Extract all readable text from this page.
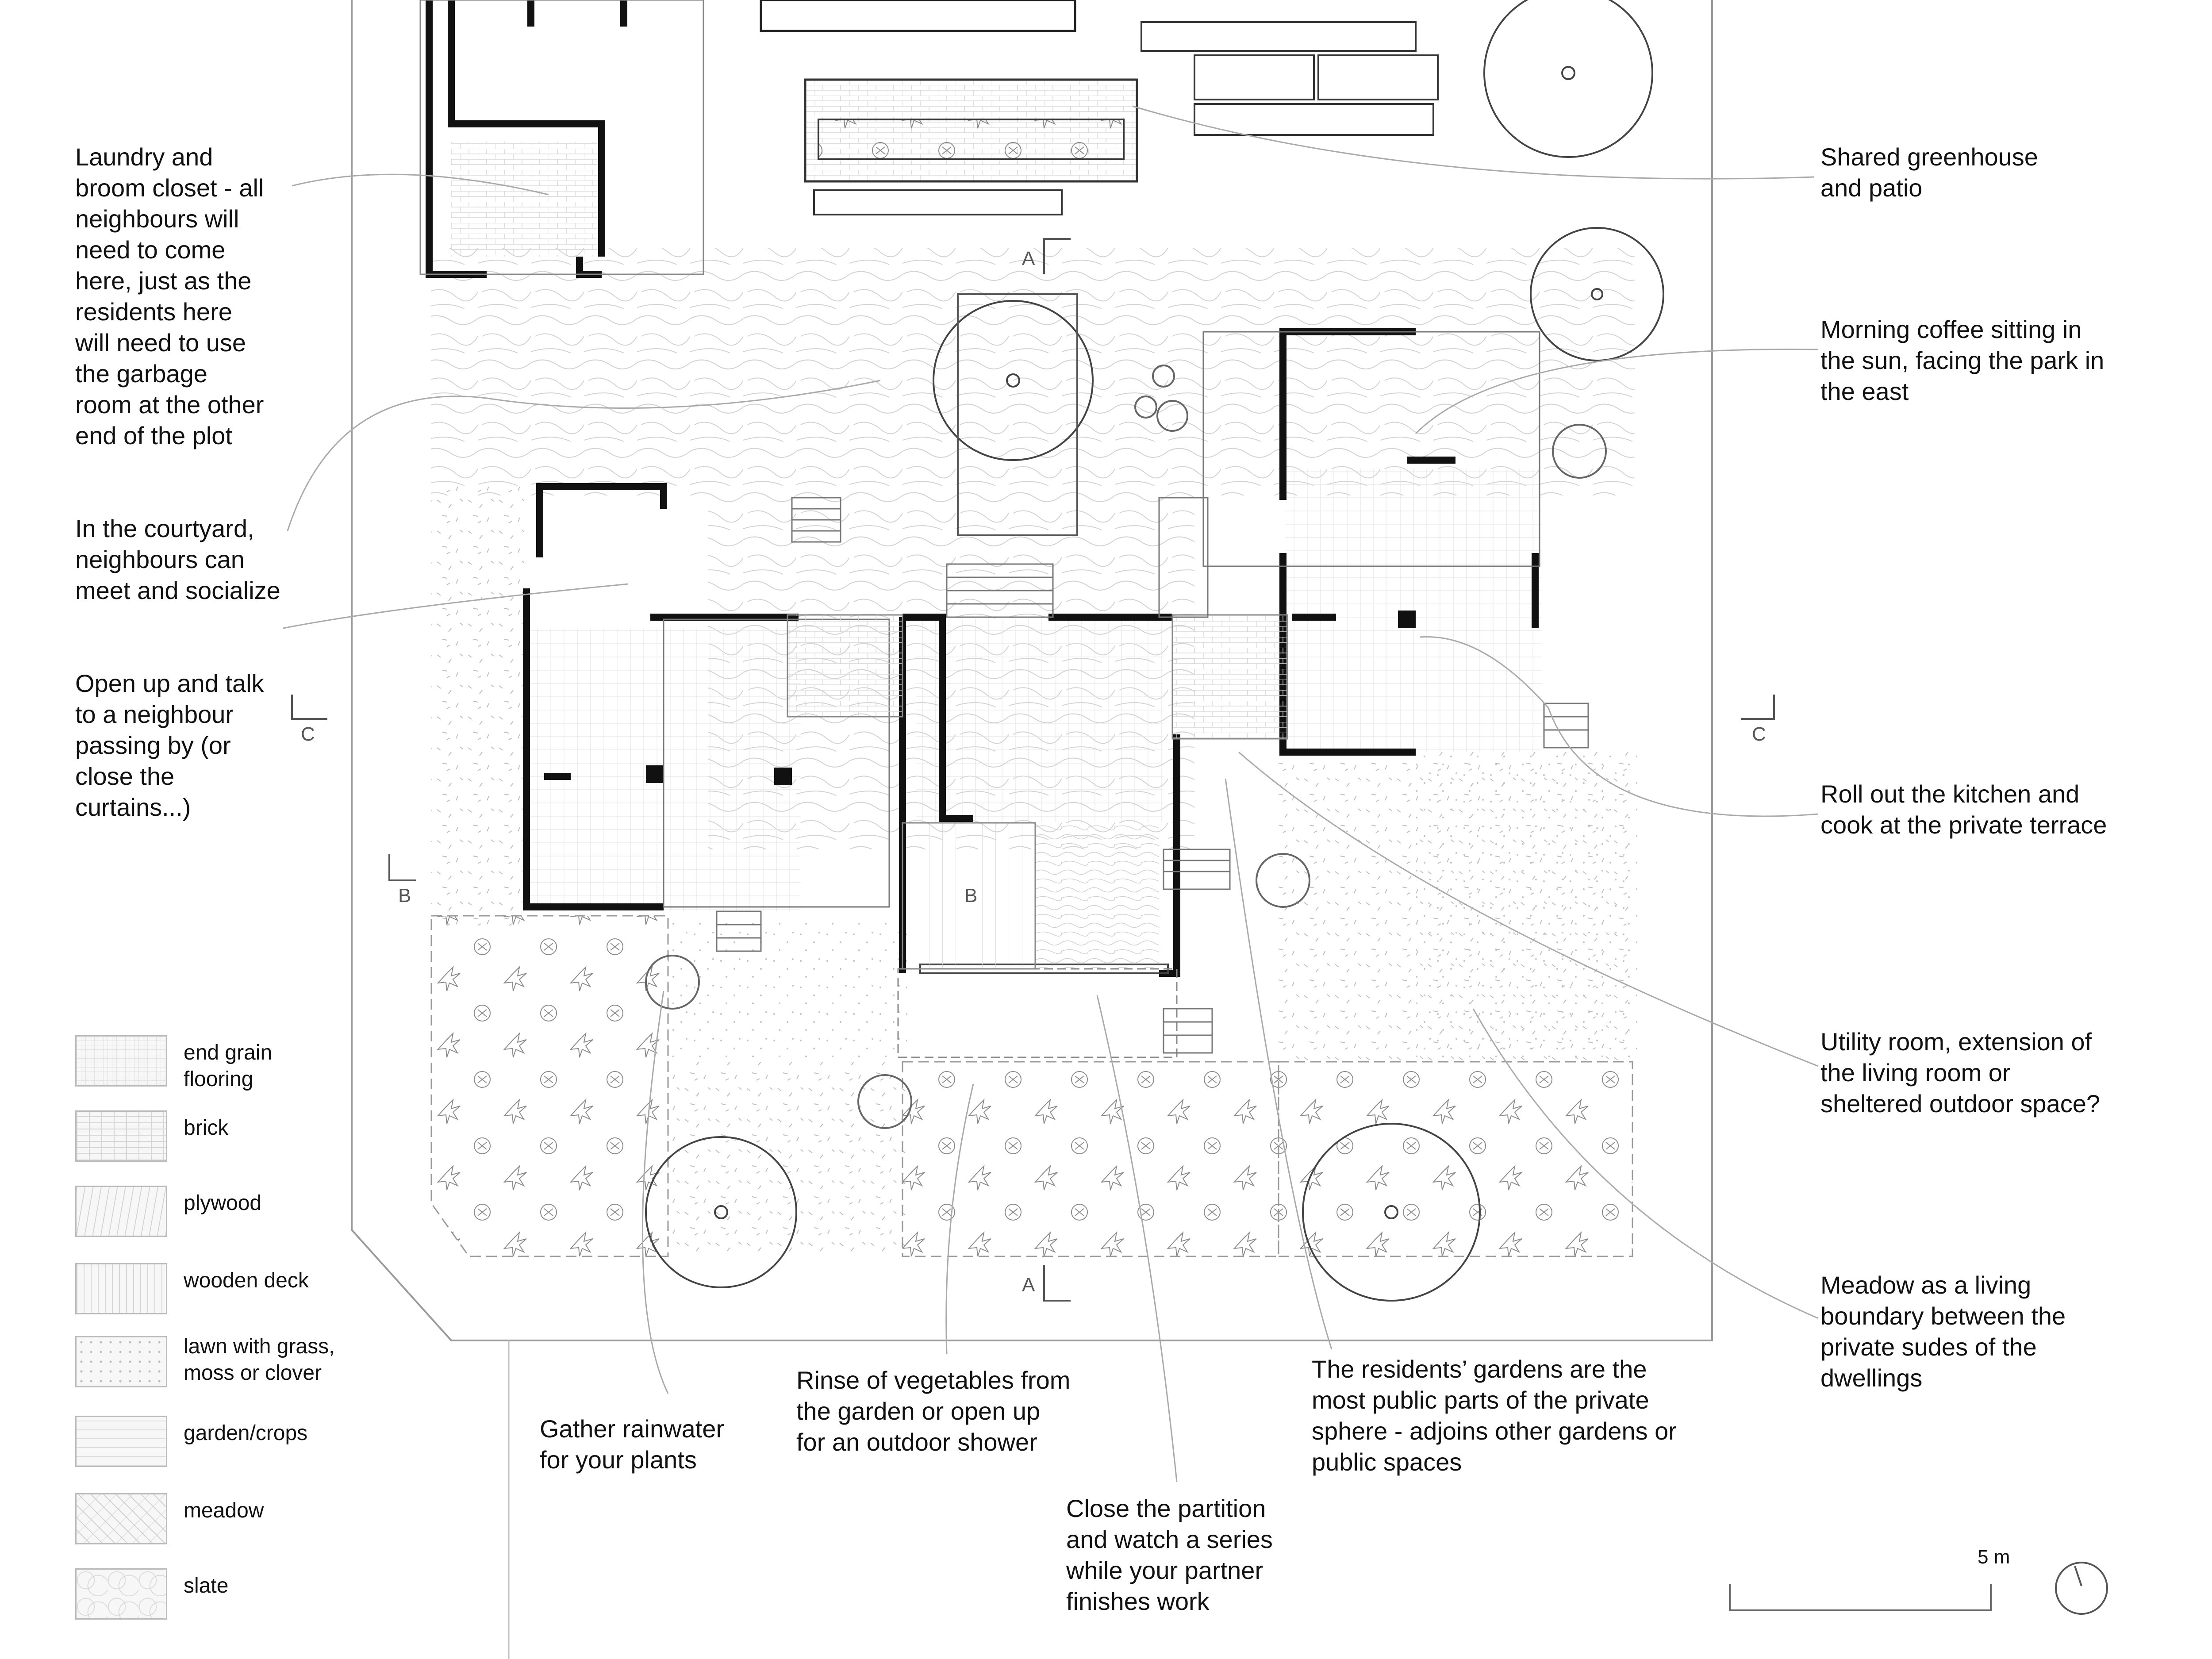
Laundry and
broom closet - all
neighbours will
need to come
here, just as the
residents here
will need to use
the garbage
room at the other
end of the plot
In the courtyard,
neighbours can
meet and socialize
Open up and talk
to a neighbour
passing by (or
close the
curtains...)
Shared greenhouse
and patio
Morning coffee sitting in
the sun, facing the park in
the east
Roll out the kitchen and
cook at the private terrace
Utility room, extension of
the living room or
sheltered outdoor space?
Meadow as a living
boundary between the
private sudes of the
dwellings
Gather rainwater
for your plants
Rinse of vegetables from
the garden or open up
for an outdoor shower
Close the partition
and watch a series
while your partner
finishes work
The residents’ gardens are the
most public parts of the private
sphere - adjoins other gardens or
public spaces
A
A
B	B
C	C
5 m
end grain
flooring
brick
plywood
wooden deck
lawn with grass,
moss or clover
garden/crops
meadow
slate
